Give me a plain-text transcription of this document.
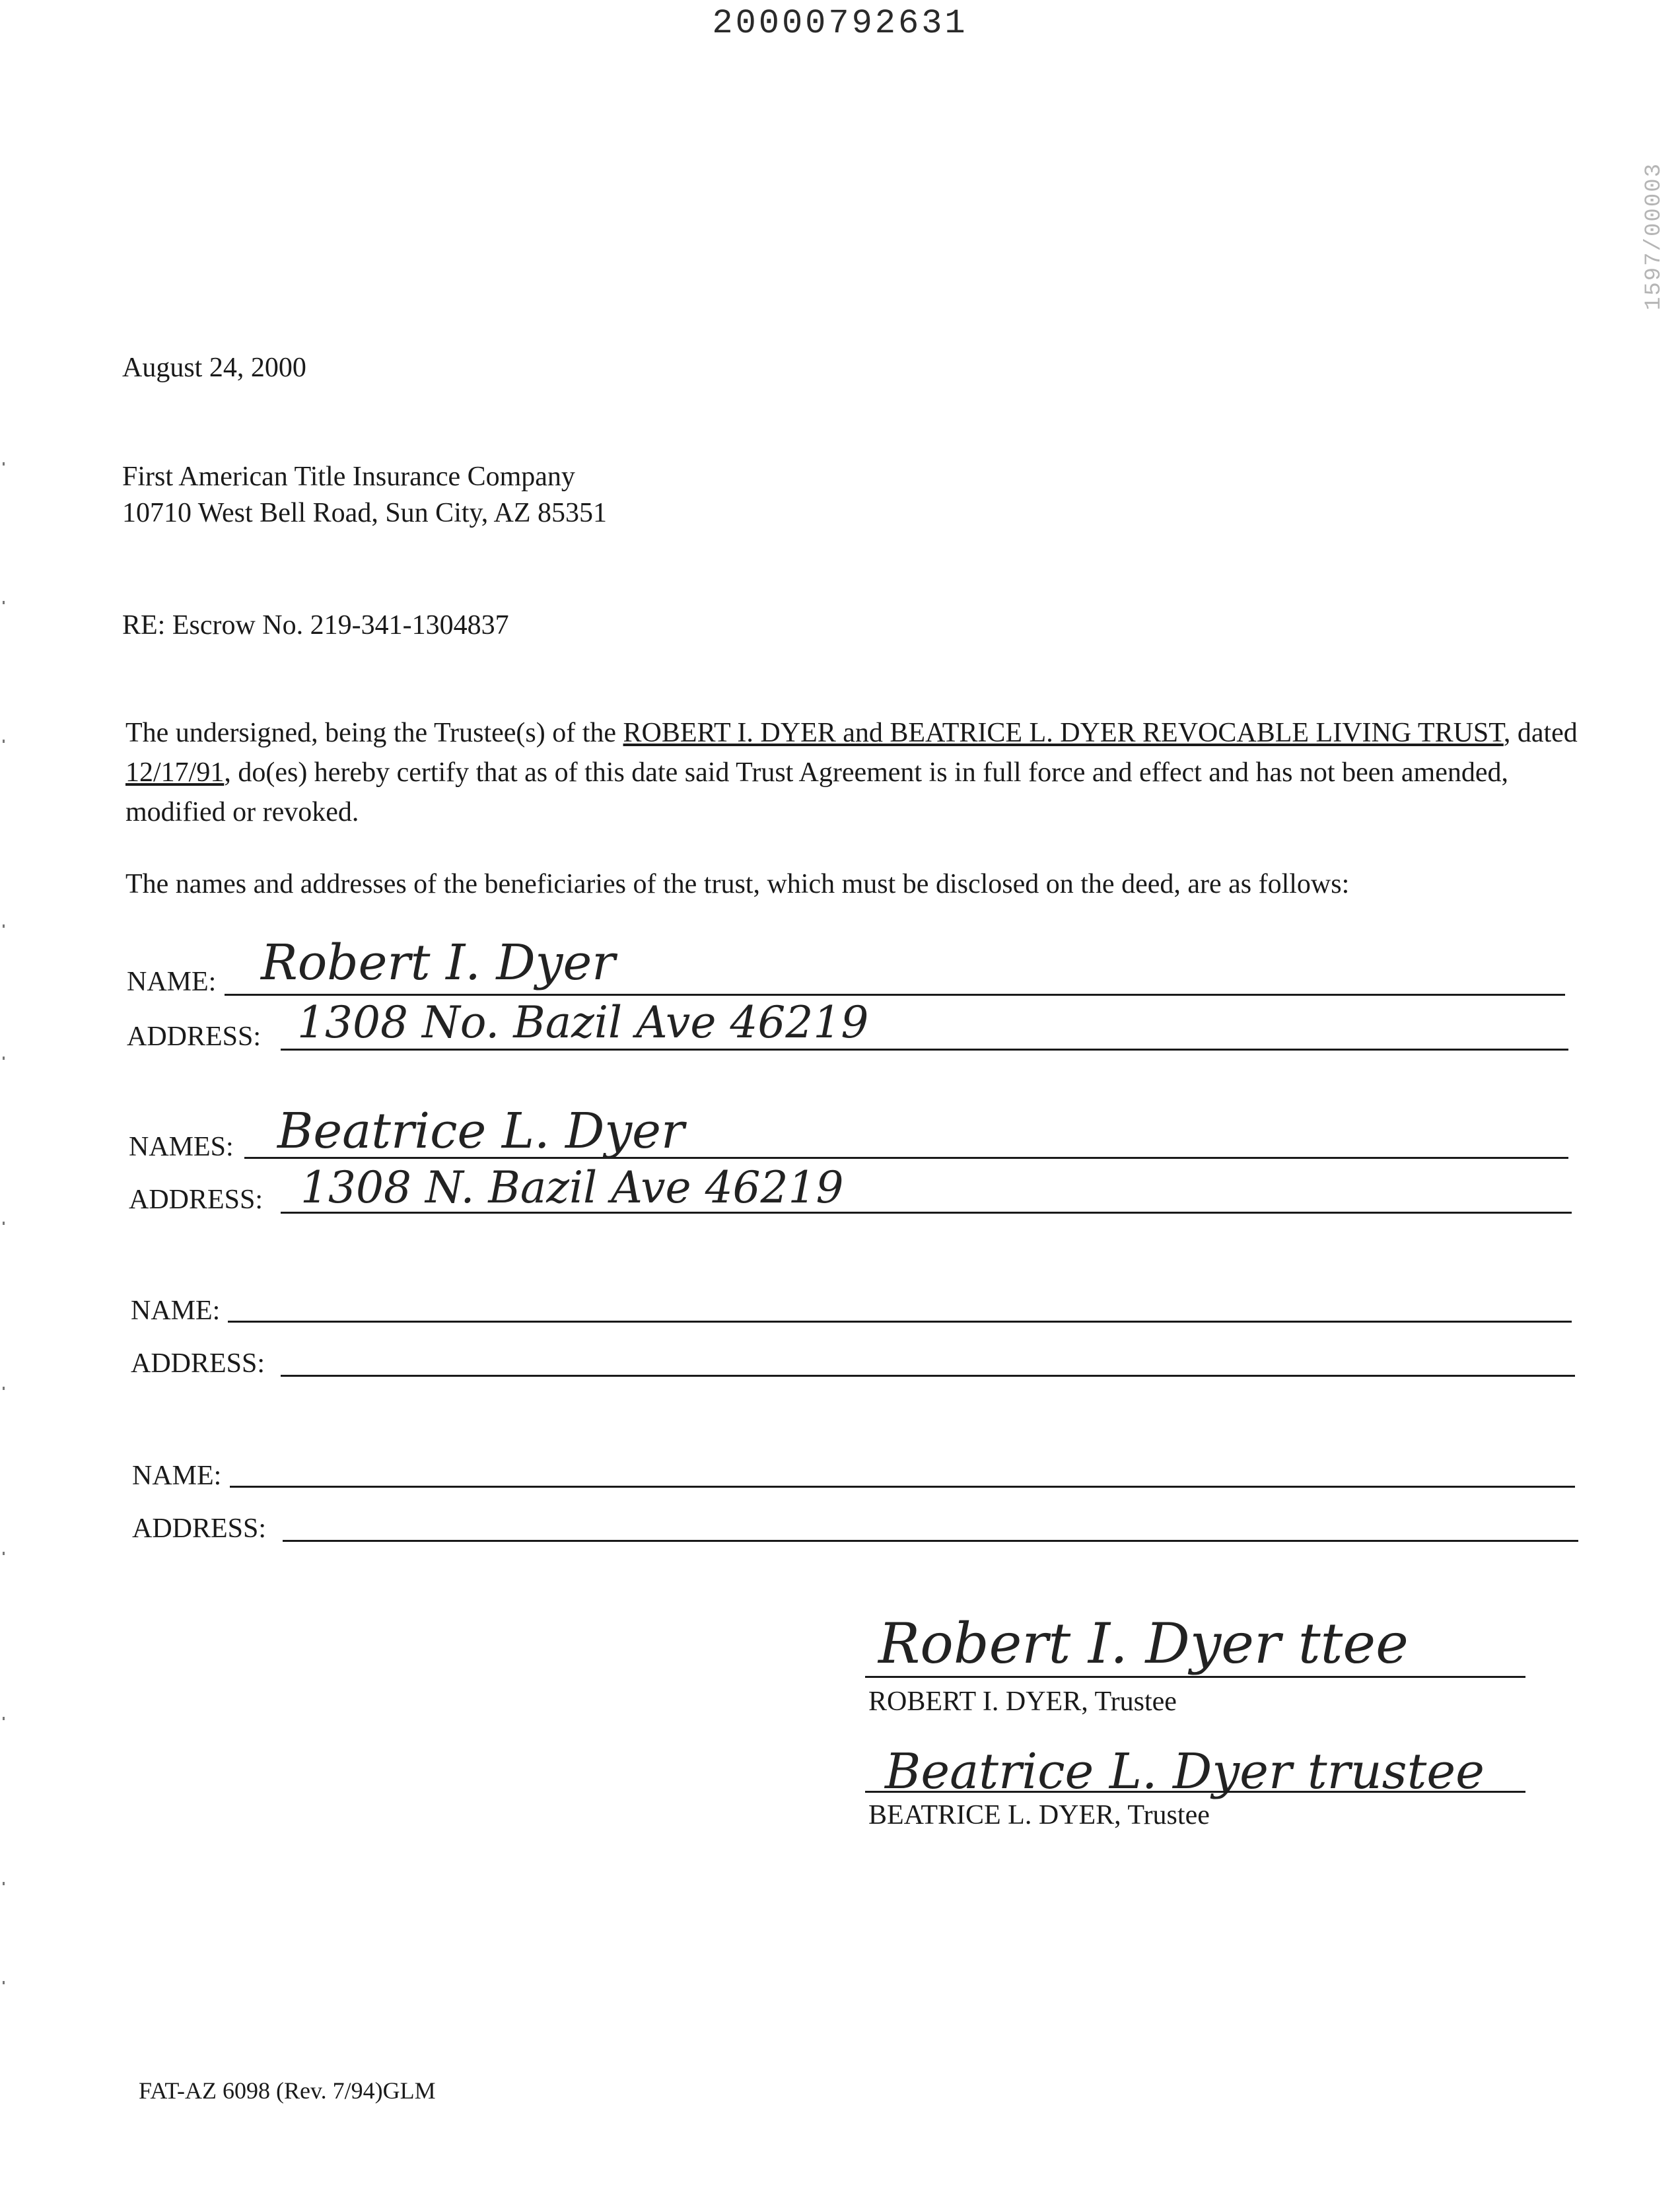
20000792631
1597/00003
August 24, 2000
First American Title Insurance Company
10710 West Bell Road, Sun City, AZ 85351
RE: Escrow No. 219-341-1304837
The undersigned, being the Trustee(s) of the ROBERT I. DYER and BEATRICE L. DYER REVOCABLE LIVING TRUST, dated 12/17/91, do(es) hereby certify that as of this date said Trust Agreement is in full force and effect and has not been amended, modified or revoked.
The names and addresses of the beneficiaries of the trust, which must be disclosed on the deed, are as follows:
NAME: Robert I. Dyer
ADDRESS: 1308 No. Bazil Ave 46219
NAMES: Beatrice L. Dyer
ADDRESS: 1308 N. Bazil Ave 46219
NAME:
ADDRESS:
NAME:
ADDRESS:
Robert I. Dyer ttee
ROBERT I. DYER, Trustee
Beatrice L. Dyer trustee
BEATRICE L. DYER, Trustee
FAT-AZ 6098 (Rev. 7/94)GLM
